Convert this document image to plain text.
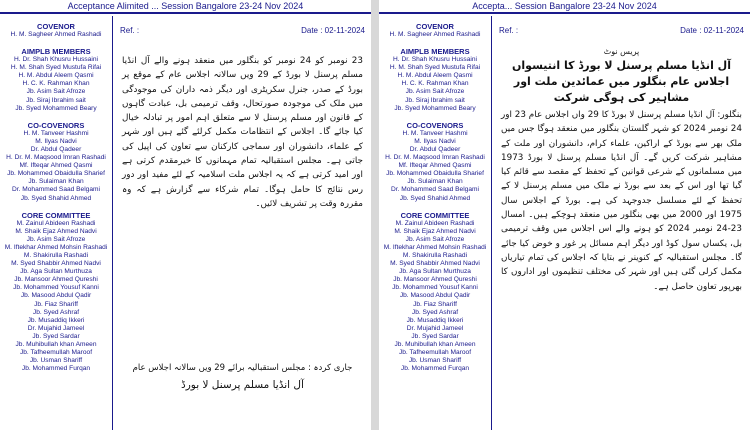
Acceptance Alimited ... Session Bangalore 23-24 Nov 2024
COVENOR
H. M. Sagheer Ahmed Rashadi
AIMPLB MEMBERS
H. Dr. Shah Khusru Hussaini
H. M. Shah Syed Mustufa Rifai
H. M. Abdul Aleem Qasmi
H. C. K. Rahman Khan
Jb. Asim Sait Afroze
Jb. Siraj Ibrahim sait
Jb. Syed Mohammed Beary
CO-COVENORS
H. M. Tanveer Hashmi
M. Ilyas Nadvi
Dr. Abdul Qadeer
H. Dr. M. Maqsood Imran Rashadi
Mf. Ifteqar Ahmed Qasmi
Jb. Mohammed Obaidulla Sharief
Jb. Sulaiman Khan
Dr. Mohammed Saad Belgami
Jb. Syed Shahid Ahmed
CORE COMMITTEE
M. Zainul Abideen Rashadi
M. Shaik Ejaz Ahmed Nadvi
Jb. Asim Sait Afroze
M. Iftekhar Ahmed Mohsin Rashadi
M. Shakirulla Rashadi
M. Syed Shabbir Ahmed Nadvi
Jb. Aga Sultan Murthuza
Jb. Mansoor Ahmed Qureshi
Jb. Mohammed Yousuf Kanni
Jb. Masood Abdul Qadir
Jb. Fiaz Shariff
Jb. Syed Ashraf
Jb. Musaddiq Ikkeri
Dr. Mujahid Jameel
Jb. Syed Sardar
Jb. Muhibullah khan Ameen
Jb. Tafheemullah Maroof
Jb. Usman Shariff
Jb. Mohammed Furqan
Ref. :	Date : 02-11-2024
23 نومبر کو 24 نومبر کو بنگلور میں منعقد ہونے والے آل انڈیا مسلم پرسنل لا بورڈ کے 29 ویں سالانہ اجلاس عام کے موقع پر بورڈ کے صدر، جنرل سکریٹری اور دیگر ذمہ داران کی موجودگی میں ملک کی موجودہ صورتحال، وقف ترمیمی بل، عبادت گاہوں کے قانون اور مسلم پرسنل لا سے متعلق اہم امور پر تبادلہ خیال کیا جائے گا۔ اجلاس کے انتظامات مکمل کرلئے گئے ہیں اور شہر کے علماء، دانشوران اور سماجی کارکنان سے تعاون کی اپیل کی جاتی ہے۔ مجلس استقبالیہ تمام مہمانوں کا خیرمقدم کرتی ہے اور امید کرتی ہے کہ یہ اجلاس ملت اسلامیہ کے لئے مفید اور دور رس نتائج کا حامل ہوگا۔ تمام شرکاء سے گزارش ہے کہ وہ مقررہ وقت پر تشریف لائیں۔
جاری کردہ : مجلس استقبالیہ برائے 29 ویں سالانہ اجلاس عام
آل انڈیا مسلم پرسنل لا بورڈ
Accepta... Session Bangalore 23-24 Nov 2024
COVENOR
H. M. Sagheer Ahmed Rashadi
AIMPLB MEMBERS
H. Dr. Shah Khusru Hussaini
H. M. Shah Syed Mustufa Rifai
H. M. Abdul Aleem Qasmi
H. C. K. Rahman Khan
Jb. Asim Sait Afroze
Jb. Siraj Ibrahim sait
Jb. Syed Mohammed Beary
CO-COVENORS
H. M. Tanveer Hashmi
M. Ilyas Nadvi
Dr. Abdul Qadeer
H. Dr. M. Maqsood Imran Rashadi
Mf. Ifteqar Ahmed Qasmi
Jb. Mohammed Obaidulla Sharief
Jb. Sulaiman Khan
Dr. Mohammed Saad Belgami
Jb. Syed Shahid Ahmed
CORE COMMITTEE
M. Zainul Abideen Rashadi
M. Shaik Ejaz Ahmed Nadvi
Jb. Asim Sait Afroze
M. Iftekhar Ahmed Mohsin Rashadi
M. Shakirulla Rashadi
M. Syed Shabbir Ahmed Nadvi
Jb. Aga Sultan Murthuza
Jb. Mansoor Ahmed Qureshi
Jb. Mohammed Yousuf Kanni
Jb. Masood Abdul Qadir
Jb. Fiaz Shariff
Jb. Syed Ashraf
Jb. Musaddiq Ikkeri
Dr. Mujahid Jameel
Jb. Syed Sardar
Jb. Muhibullah khan Ameen
Jb. Tafheemullah Maroof
Jb. Usman Shariff
Jb. Mohammed Furqan
Ref. :	Date : 02-11-2024
پریس نوٹ
آل انڈیا مسلم پرسنل لا بورڈ کا انتیسواں اجلاس عام بنگلور میں عمائدین ملت اور مشاہیر کی ہوگی شرکت
بنگلور: آل انڈیا مسلم پرسنل لا بورڈ کا 29 واں اجلاس عام 23 اور 24 نومبر 2024 کو شہر گلستان بنگلور میں منعقد ہوگا جس میں ملک بھر سے بورڈ کے اراکین، علماء کرام، دانشوران اور ملت کے مشاہیر شرکت کریں گے۔ آل انڈیا مسلم پرسنل لا بورڈ 1973 میں مسلمانوں کے شرعی قوانین کے تحفظ کے مقصد سے قائم کیا گیا تھا اور اس کے بعد سے بورڈ نے ملک میں مسلم پرسنل لا کے تحفظ کے لئے مسلسل جدوجہد کی ہے۔ بورڈ کے اجلاس سال 1975 اور 2000 میں بھی بنگلور میں منعقد ہوچکے ہیں۔ امسال 23-24 نومبر 2024 کو ہونے والے اس اجلاس میں وقف ترمیمی بل، یکساں سول کوڈ اور دیگر اہم مسائل پر غور و خوض کیا جائے گا۔ مجلس استقبالیہ کے کنوینر نے بتایا کہ اجلاس کی تمام تیاریاں مکمل کرلی گئی ہیں اور شہر کی مختلف تنظیموں اور اداروں کا بھرپور تعاون حاصل ہے۔
